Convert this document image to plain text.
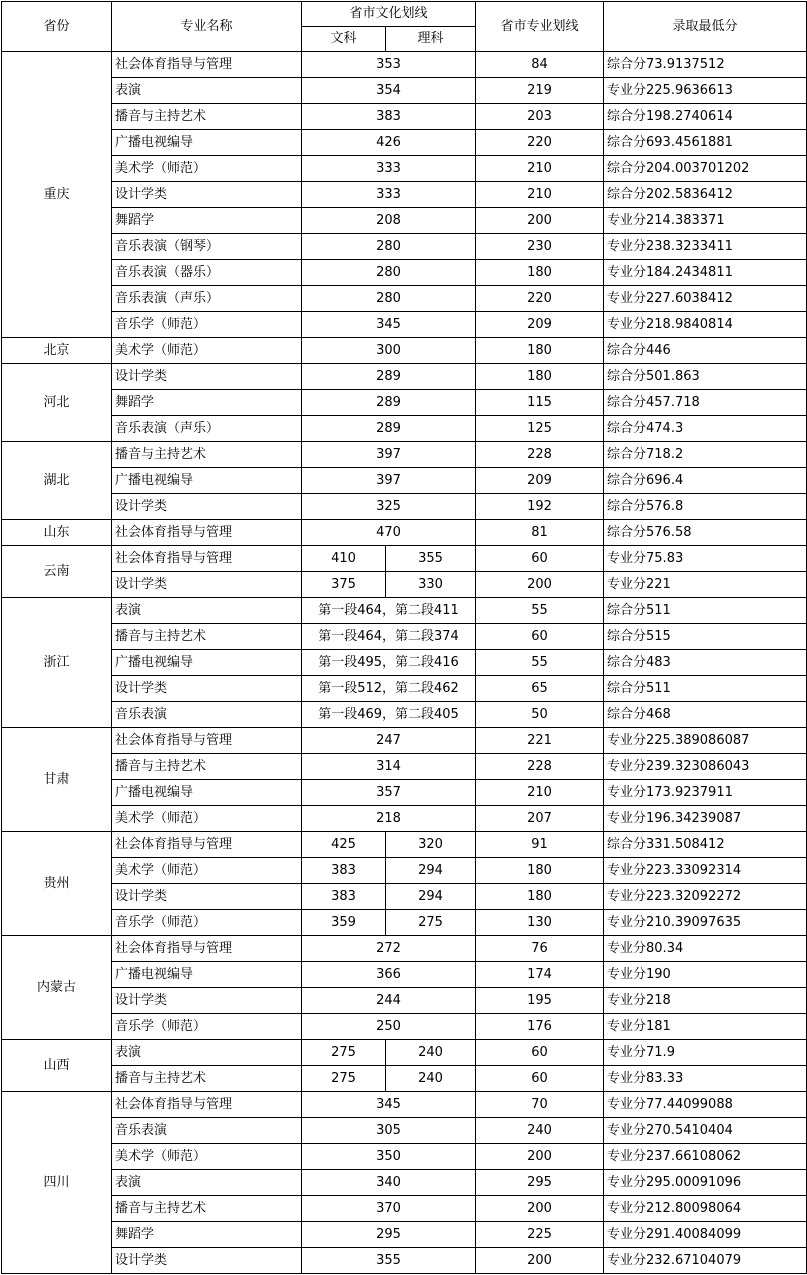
省份	专业名称	省市文化划线		省市专业划线	录取最低分
		文科	理科		
重庆	社会体育指导与管理	353		84	综合分73.9137512
	表演	354		219	专业分225.9636613
	播音与主持艺术	383		203	综合分198.2740614
	广播电视编导	426		220	综合分693.4561881
	美术学（师范）	333		210	综合分204.003701202
	设计学类	333		210	综合分202.5836412
	舞蹈学	208		200	专业分214.383371
	音乐表演（钢琴）	280		230	专业分238.3233411
	音乐表演（器乐）	280		180	专业分184.2434811
	音乐表演（声乐）	280		220	专业分227.6038412
	音乐学（师范）	345		209	专业分218.9840814
北京	美术学（师范）	300		180	综合分446
河北	设计学类	289		180	综合分501.863
	舞蹈学	289		115	综合分457.718
	音乐表演（声乐）	289		125	综合分474.3
湖北	播音与主持艺术	397		228	综合分718.2
	广播电视编导	397		209	综合分696.4
	设计学类	325		192	综合分576.8
山东	社会体育指导与管理	470		81	综合分576.58
云南	社会体育指导与管理	410	355	60	专业分75.83
	设计学类	375	330	200	专业分221
浙江	表演	第一段464，第二段411		55	综合分511
	播音与主持艺术	第一段464，第二段374		60	综合分515
	广播电视编导	第一段495，第二段416		55	综合分483
	设计学类	第一段512，第二段462		65	综合分511
	音乐表演	第一段469，第二段405		50	综合分468
甘肃	社会体育指导与管理	247		221	专业分225.389086087
	播音与主持艺术	314		228	专业分239.323086043
	广播电视编导	357		210	专业分173.9237911
	美术学（师范）	218		207	专业分196.34239087
贵州	社会体育指导与管理	425	320	91	综合分331.508412
	美术学（师范）	383	294	180	专业分223.33092314
	设计学类	383	294	180	专业分223.32092272
	音乐学（师范）	359	275	130	专业分210.39097635
内蒙古	社会体育指导与管理	272		76	专业分80.34
	广播电视编导	366		174	专业分190
	设计学类	244		195	专业分218
	音乐学（师范）	250		176	专业分181
山西	表演	275	240	60	专业分71.9
	播音与主持艺术	275	240	60	专业分83.33
四川	社会体育指导与管理	345		70	专业分77.44099088
	音乐表演	305		240	专业分270.5410404
	美术学（师范）	350		200	专业分237.66108062
	表演	340		295	专业分295.00091096
	播音与主持艺术	370		200	专业分212.80098064
	舞蹈学	295		225	专业分291.40084099
	设计学类	355		200	专业分232.67104079
